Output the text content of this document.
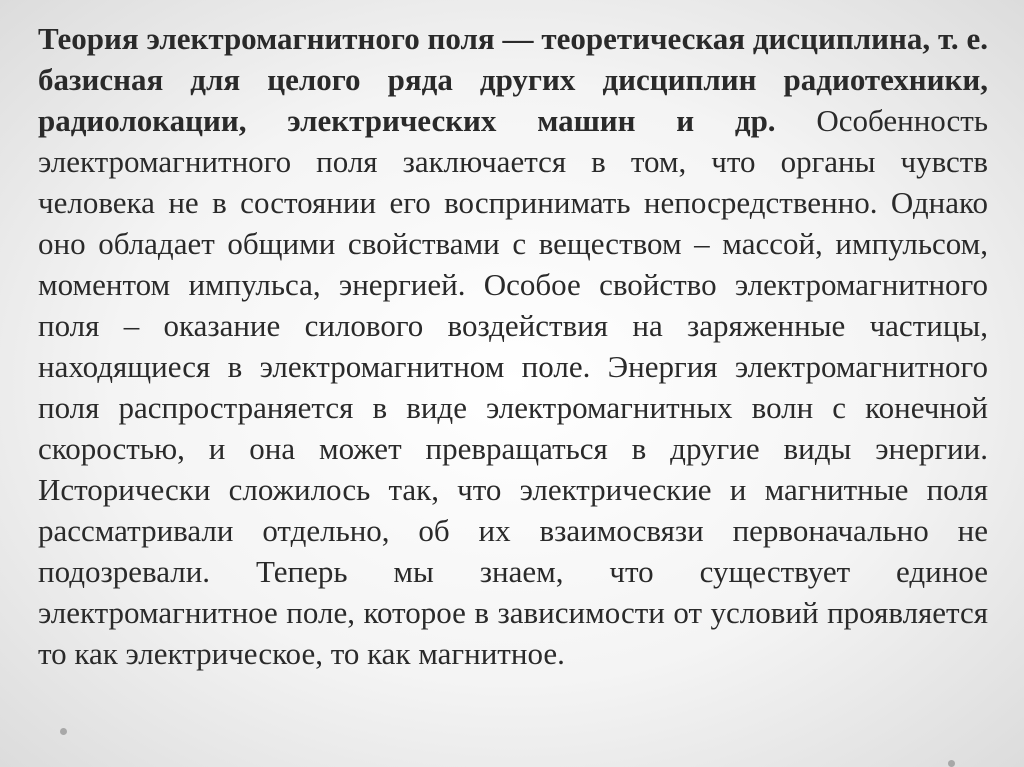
Теория электромагнитного поля — теоретическая дисциплина, т. е. базисная для целого ряда других дисциплин радиотехники, радиолокации, электрических машин и др. Особенность электромагнитного поля заключается в том, что органы чувств человека не в состоянии его воспринимать непосредственно. Однако оно обладает общими свойствами с веществом – массой, импульсом, моментом импульса, энергией. Особое свойство электромагнитного поля – оказание силового воздействия на заряженные частицы, находящиеся в электромагнитном поле. Энергия электромагнитного поля распространяется в виде электромагнитных волн с конечной скоростью, и она может превращаться в другие виды энергии. Исторически сложилось так, что электрические и магнитные поля рассматривали отдельно, об их взаимосвязи первоначально не подозревали. Теперь мы знаем, что существует единое электромагнитное поле, которое в зависимости от условий проявляется то как электрическое, то как магнитное.
